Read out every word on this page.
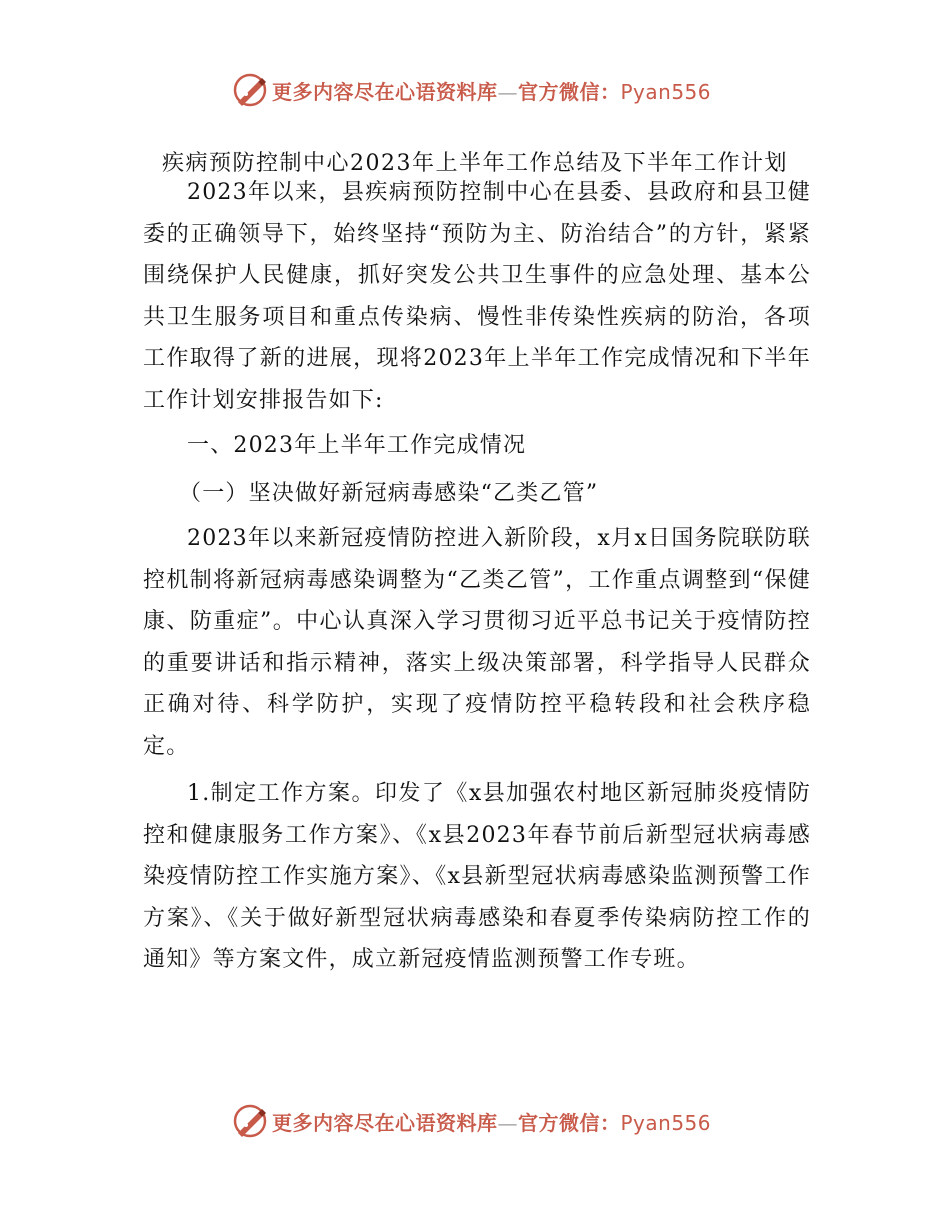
更多内容尽在心语资料库—官方微信：Pyan556
疾病预防控制中心2023年上半年工作总结及下半年工作计划

2023年以来，县疾病预防控制中心在县委、县政府和县卫健委的正确领导下，始终坚持“预防为主、防治结合”的方针，紧紧围绕保护人民健康，抓好突发公共卫生事件的应急处理、基本公共卫生服务项目和重点传染病、慢性非传染性疾病的防治，各项工作取得了新的进展，现将2023年上半年工作完成情况和下半年工作计划安排报告如下:

一、2023年上半年工作完成情况

（一）坚决做好新冠病毒感染“乙类乙管”

2023年以来新冠疫情防控进入新阶段，x月x日国务院联防联控机制将新冠病毒感染调整为“乙类乙管”，工作重点调整到“保健康、防重症”。中心认真深入学习贯彻习近平总书记关于疫情防控的重要讲话和指示精神，落实上级决策部署，科学指导人民群众正确对待、科学防护，实现了疫情防控平稳转段和社会秩序稳定。

1.制定工作方案。印发了《x县加强农村地区新冠肺炎疫情防控和健康服务工作方案》、《x县2023年春节前后新型冠状病毒感染疫情防控工作实施方案》、《x县新型冠状病毒感染监测预警工作方案》、《关于做好新型冠状病毒感染和春夏季传染病防控工作的通知》等方案文件，成立新冠疫情监测预警工作专班。

更多内容尽在心语资料库—官方微信：Pyan556
